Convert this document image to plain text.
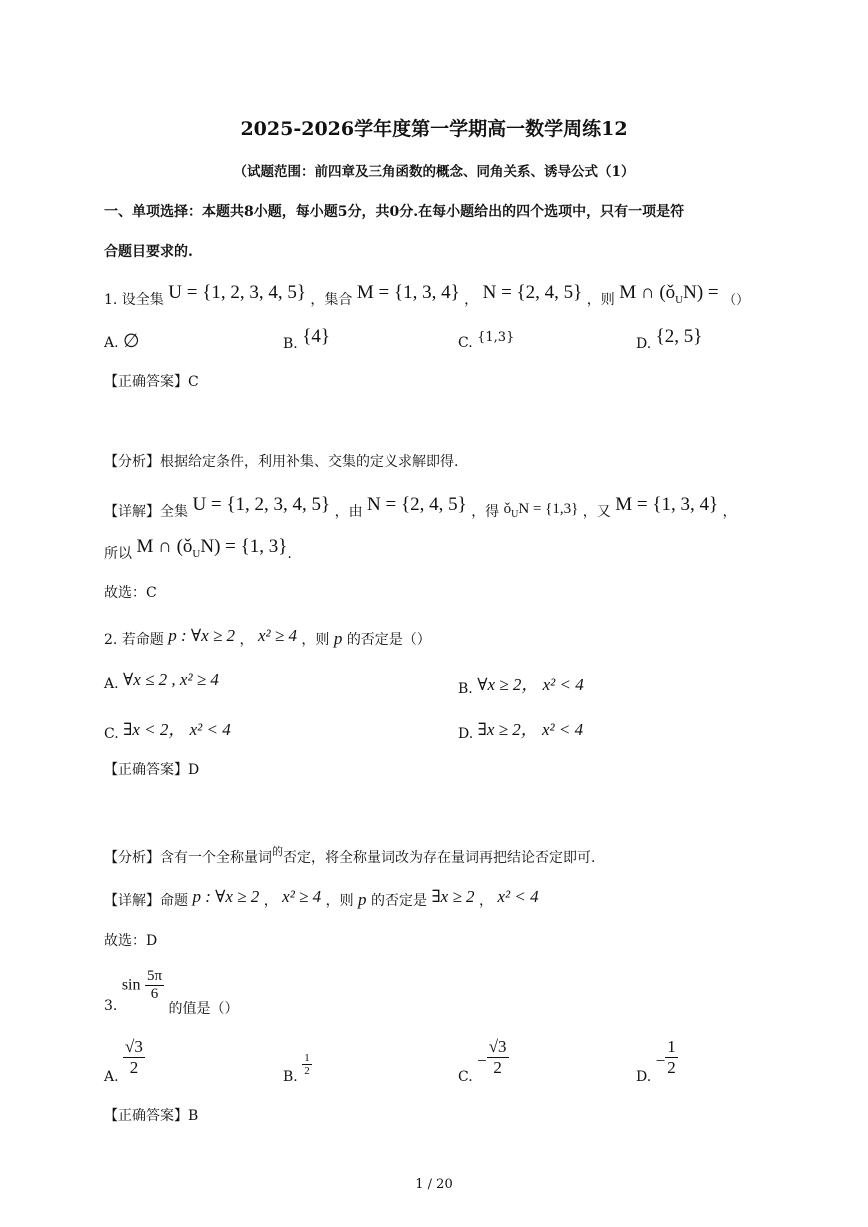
2025-2026学年度第一学期高一数学周练12
（试题范围：前四章及三角函数的概念、同角关系、诱导公式（1）
一、单项选择：本题共8小题，每小题5分，共0分.在每小题给出的四个选项中，只有一项是符
合题目要求的.
1. 设全集 U = {1, 2, 3, 4, 5} ，集合 M = {1, 3, 4} ， N = {2, 4, 5} ，则 M ∩ $(ǒ_UN)$ = （）
A. ∅	B. {4}	C. {1,3}	D. {2, 5}
【正确答案】C
【分析】根据给定条件，利用补集、交集的定义求解即得.
【详解】全集 U = {1, 2, 3, 4, 5} ，由 N = {2, 4, 5} ，得 $ǒ_UN = \{1,3\}$ ，又 M = {1, 3, 4} ，
所以 M ∩ $(ǒ_UN) = \{1$, 3}.
故选：C
2. 若命题 p : ∀x ≥ 2 ， x² ≥ 4 ，则 p 的否定是（）
A. ∀x ≤ 2 , x² ≥ 4	B. ∀x ≥ 2， x² < 4
C. ∃x < 2， x² < 4	D. ∃x ≥ 2， x² < 4
【正确答案】D
【分析】含有一个全称量词$^的$否定，将全称量词改为存在量词再把结论否定即可.
【详解】命题 p : ∀x ≥ 2 ， x² ≥ 4 ，则 p 的否定是 ∃x ≥ 2 ， x² < 4
故选：D
3. $\sin \frac{5\pi}{6}$
的值是（）
A. $\frac{√3}{2}$	B. $\frac{1}{2}$	C. − $\frac{√3}{2}$	D. − $\frac{1}{2}$
【正确答案】B
1 / 20
